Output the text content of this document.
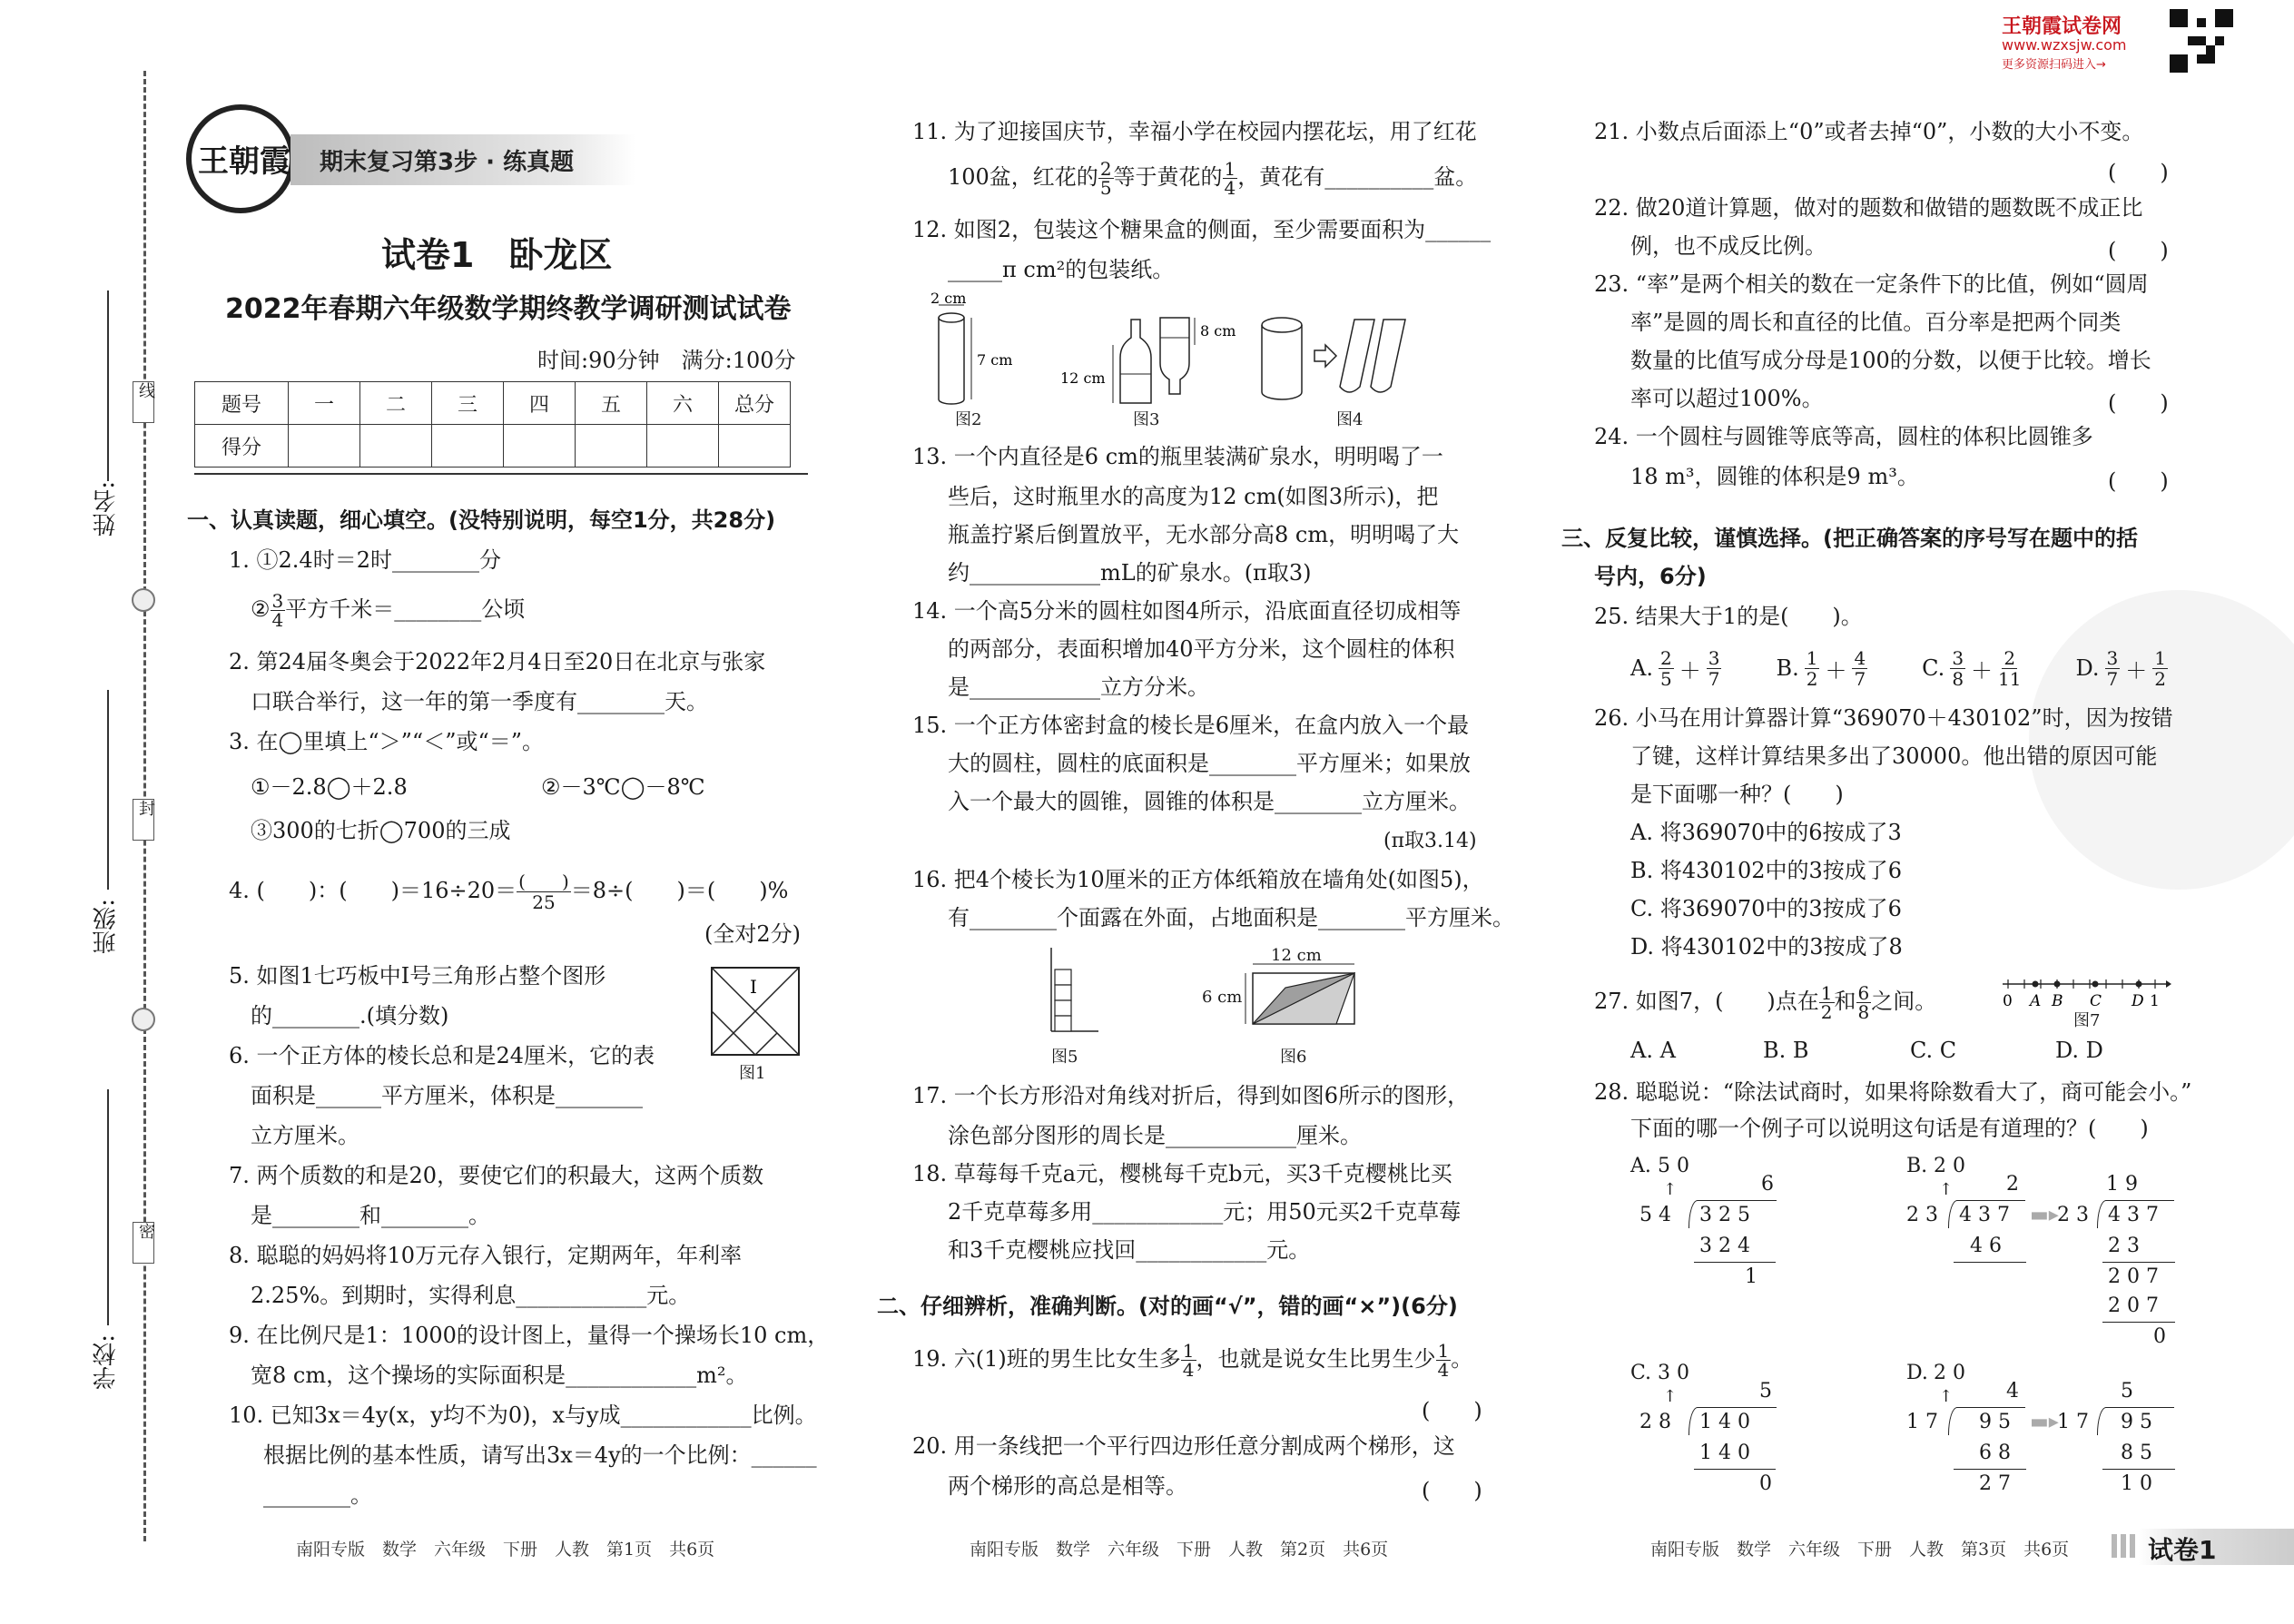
线
封
密
姓名:
班级:
学校:
王朝霞 期末复习第3步 · 练真题
试卷1　卧龙区
2022年春期六年级数学期终教学调研测试试卷
时间:90分钟　满分:100分
题号	一	二	三	四	五	六	总分
得分							
一、认真读题，细心填空。(没特别说明，每空1分，共28分)
1. ①2.4时＝2时________分
② $\frac{3}{4}$ 平方千米＝________公顷
2. 第24届冬奥会于2022年2月4日至20日在北京与张家
口联合举行，这一年的第一季度有________天。
3. 在◯里填上“＞”“＜”或“＝”。
①－2.8◯＋2.8	②－3℃◯－8℃
③300的七折◯700的三成
4. (　　)：(　　)＝16÷20＝ (　　)
25 ＝8÷(　　)＝(　　)%
(全对2分)
5. 如图1七巧板中Ⅰ号三角形占整个图形
的________.(填分数)
Ⅰ
图1
6. 一个正方体的棱长总和是24厘米，它的表
面积是______平方厘米，体积是________
立方厘米。
7. 两个质数的和是20，要使它们的积最大，这两个质数
是________和________。
8. 聪聪的妈妈将10万元存入银行，定期两年，年利率
2.25%。到期时，实得利息____________元。
9. 在比例尺是1：1000的设计图上，量得一个操场长10 cm，
宽8 cm，这个操场的实际面积是____________m²。
10. 已知3x＝4y(x，y均不为0)，x与y成____________比例。
根据比例的基本性质，请写出3x＝4y的一个比例：______
________。
南阳专版　数学　六年级　下册　人教　第1页　共6页
11. 为了迎接国庆节，幸福小学在校园内摆花坛，用了红花
100盆，红花的 $\frac{2}{5}$ 等于黄花的 $\frac{1}{4}$ ，黄花有__________盆。
12. 如图2，包装这个糖果盒的侧面，至少需要面积为______
_____π cm²的包装纸。
2 cm
7 cm
12 cm
8 cm
图2	图3	图4
13. 一个内直径是6 cm的瓶里装满矿泉水，明明喝了一
些后，这时瓶里水的高度为12 cm(如图3所示)，把
瓶盖拧紧后倒置放平，无水部分高8 cm，明明喝了大
约____________mL的矿泉水。(π取3)
14. 一个高5分米的圆柱如图4所示，沿底面直径切成相等
的两部分，表面积增加40平方分米，这个圆柱的体积
是____________立方分米。
15. 一个正方体密封盒的棱长是6厘米，在盒内放入一个最
大的圆柱，圆柱的底面积是________平方厘米；如果放
入一个最大的圆锥，圆锥的体积是________立方厘米。
(π取3.14)
16. 把4个棱长为10厘米的正方体纸箱放在墙角处(如图5)，
有________个面露在外面，占地面积是________平方厘米。
12 cm
6 cm
图5	图6
17. 一个长方形沿对角线对折后，得到如图6所示的图形，
涂色部分图形的周长是____________厘米。
18. 草莓每千克a元，樱桃每千克b元，买3千克樱桃比买
2千克草莓多用____________元；用50元买2千克草莓
和3千克樱桃应找回____________元。
二、仔细辨析，准确判断。(对的画“√”，错的画“×”)(6分)
19. 六(1)班的男生比女生多 $\frac{1}{4}$ ，也就是说女生比男生少 $\frac{1}{4}$ 。
(　　)
20. 用一条线把一个平行四边形任意分割成两个梯形，这
两个梯形的高总是相等。	(　　)
南阳专版　数学　六年级　下册　人教　第2页　共6页
王朝霞试卷网
www.wzxsjw.com
更多资源扫码进入→
21. 小数点后面添上“0”或者去掉“0”，小数的大小不变。
(　　)
22. 做20道计算题，做对的题数和做错的题数既不成正比
例，也不成反比例。	(　　)
23. “率”是两个相关的数在一定条件下的比值，例如“圆周
率”是圆的周长和直径的比值。百分率是把两个同类
数量的比值写成分母是100的分数，以便于比较。增长
率可以超过100%。	(　　)
24. 一个圆柱与圆锥等底等高，圆柱的体积比圆锥多
18 m³，圆锥的体积是9 m³。	(　　)
三、反复比较，谨慎选择。(把正确答案的序号写在题中的括
号内，6分)
25. 结果大于1的是(　　)。
A. 2
5 ＋ 3
7	B. 1
2 ＋ 4
7	C. 3
8 ＋ 2
11	D. 3
7 ＋ 1
2
26. 小马在用计算器计算“369070＋430102”时，因为按错
了键，这样计算结果多出了30000。他出错的原因可能
是下面哪一种？(　　)
A. 将369070中的6按成了3
B. 将430102中的3按成了6
C. 将369070中的3按成了6
D. 将430102中的3按成了8
27. 如图7，(　　)点在 $\frac{1}{2}$ 和 $\frac{6}{8}$ 之间。	0 A B C D 1
图7
A. A	B. B	C. C	D. D
28. 聪聪说：“除法试商时，如果将除数看大了，商可能会小。”
下面的哪一个例子可以说明这句话是有道理的？(　　)
A. 5 0
↑	6
5 4 3 2 5
3 2 4
1
B. 2 0
↑	2
2 3 4 3 7
4 6
▬▸
1 9
2 3 4 3 7
2 3
2 0 7
2 0 7
0
C. 3 0
↑	5
2 8 1 4 0
1 4 0
0
D. 2 0
↑	4
1 7 9 5
6 8
2 7
▬▸
5
1 7 9 5
8 5
1 0
南阳专版　数学　六年级　下册　人教　第3页　共6页	试卷1
